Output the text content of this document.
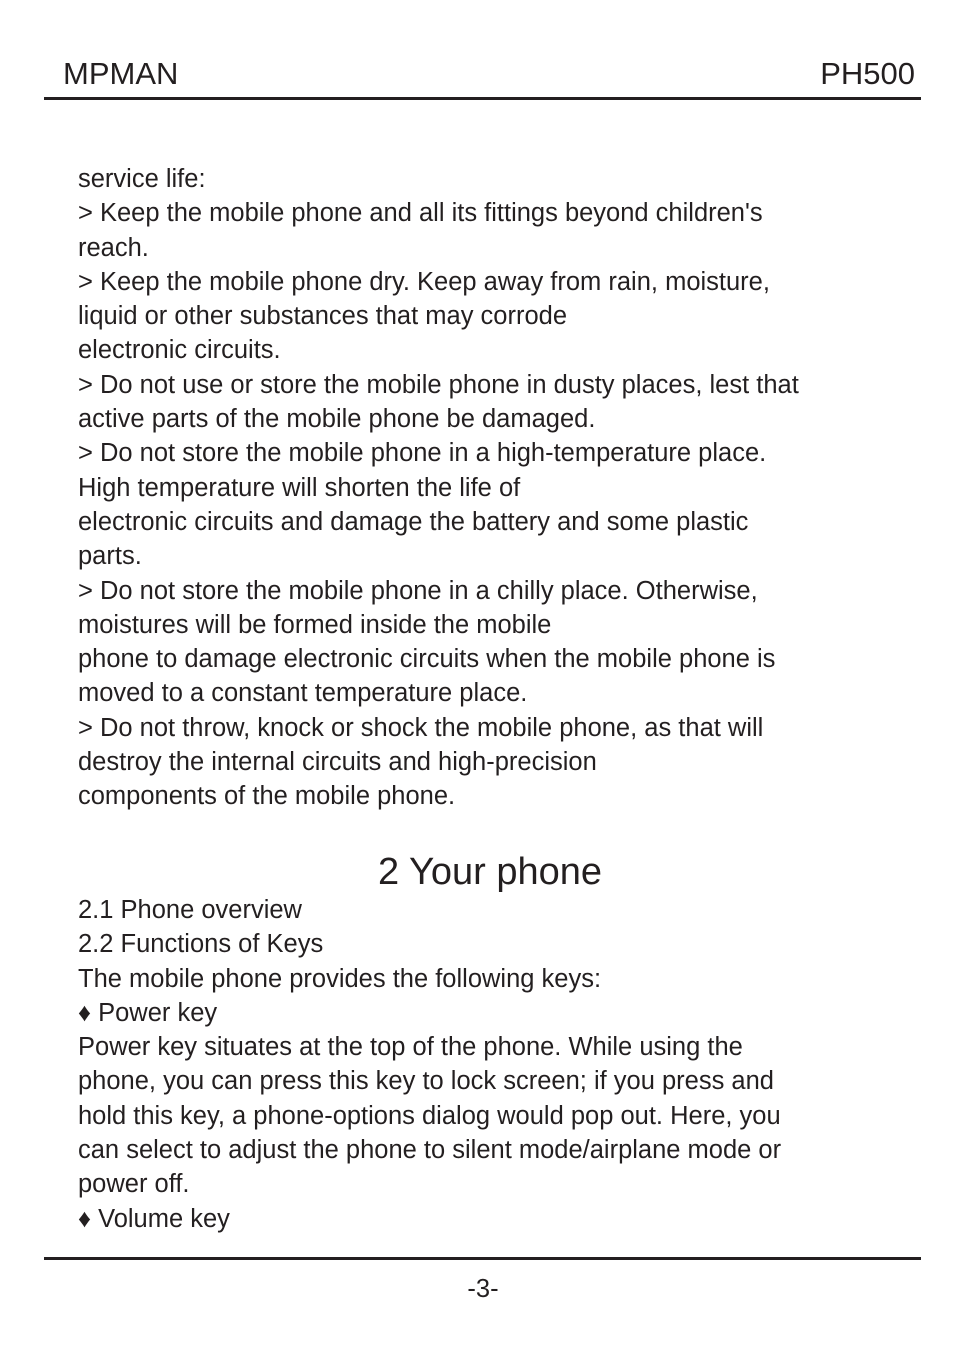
MPMAN	PH500
service life:
> Keep the mobile phone and all its fittings beyond children's
reach.
> Keep the mobile phone dry. Keep away from rain, moisture,
liquid or other substances that may corrode
electronic circuits.
> Do not use or store the mobile phone in dusty places, lest that
active parts of the mobile phone be damaged.
> Do not store the mobile phone in a high-temperature place.
High temperature will shorten the life of
electronic circuits and damage the battery and some plastic
parts.
> Do not store the mobile phone in a chilly place. Otherwise,
moistures will be formed inside the mobile
phone to damage electronic circuits when the mobile phone is
moved to a constant temperature place.
> Do not throw, knock or shock the mobile phone, as that will
destroy the internal circuits and high-precision
components of the mobile phone.
2 Your phone
2.1 Phone overview
2.2 Functions of Keys
The mobile phone provides the following keys:
♦ Power key
Power key situates at the top of the phone. While using the
phone, you can press this key to lock screen; if you press and
hold this key, a phone-options dialog would pop out. Here, you
can select to adjust the phone to silent mode/airplane mode or
power off.
♦ Volume key
-3-
